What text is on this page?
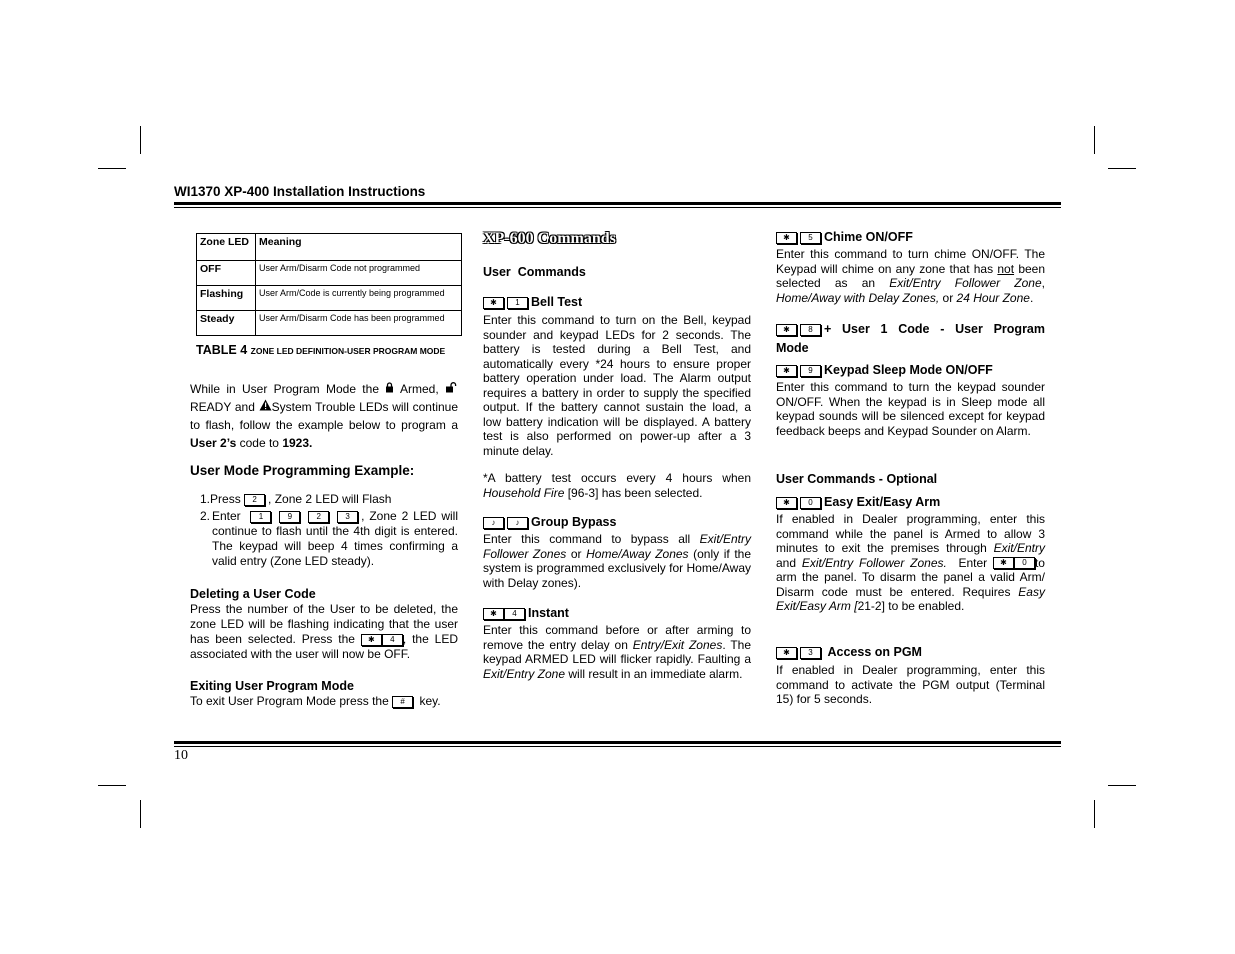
WI1370 XP-400 Installation Instructions
10
Zone LED	Meaning
OFF	User Arm/Disarm Code not programmed
Flashing	User Arm/Code is currently being programmed
Steady	User Arm/Disarm Code has been programmed
TABLE 4 ZONE LED DEFINITION-USER PROGRAM MODE

While in User Program Mode the Armed,  READY and System Trouble LEDs will continue to flash, follow the example below to program a User 2’s code to 1923.

User Mode Programming Example:

1.Press 2 , Zone 2 LED will Flash

2. Enter 1	9	2	3 , Zone 2 LED will continue to flash until the 4th digit is entered. The keypad will beep 4 times confirming a valid entry (Zone LED steady).

Deleting a User Code

Press the number of the User to be deleted, the zone LED will be flashing indicating that the user has been selected. Press the ✱ 4 , the LED associated with the user will now be OFF.

Exiting User Program Mode

To exit User Program Mode press the # key.

XP-600 Commands
User  Commands
✱ 1 Bell Test

Enter this command to turn on the Bell, keypad sounder and keypad LEDs for 2 seconds. The battery is tested during a Bell Test, and automatically every *24 hours to ensure proper battery operation under load. The Alarm output requires a battery in order to supply the specified output. If the battery cannot sustain the load, a low battery indication will be displayed. A battery test is also performed on power-up after a 3 minute delay.

*A battery test occurs every 4 hours when Household Fire [96-3] has been selected.

♪	♪ Group Bypass

Enter this command to bypass all Exit/Entry Follower Zones or Home/Away Zones (only if the system is programmed exclusively for Home/Away with Delay zones).

✱ 4 Instant

Enter this command before or after arming to remove the entry delay on Entry/Exit Zones. The keypad ARMED LED will flicker rapidly. Faulting a Exit/Entry Zone will result in an immediate alarm.

✱ 5 Chime ON/OFF

Enter this command to turn chime ON/OFF. The Keypad will chime on any zone that has not been selected as an Exit/Entry Follower Zone, Home/Away with Delay Zones, or 24 Hour Zone.

✱ 8 + User 1 Code - User Program Mode
✱ 9 Keypad Sleep Mode ON/OFF

Enter this command to turn the keypad sounder ON/OFF. When the keypad is in Sleep mode all keypad sounds will be silenced except for keypad feedback beeps and Keypad Sounder on Alarm.

User Commands - Optional
✱ 0 Easy Exit/Easy Arm

If enabled in Dealer programming, enter this command while the panel is Armed to allow 3 minutes to exit the premises through Exit/Entry and Exit/Entry Follower Zones. Enter ✱ 0 to arm the panel. To disarm the panel a valid Arm/ Disarm code must be entered. Requires Easy Exit/Easy Arm [21-2] to be enabled.

✱ 3 Access on PGM

If enabled in Dealer programming, enter this command to activate the PGM output (Terminal 15) for 5 seconds.
